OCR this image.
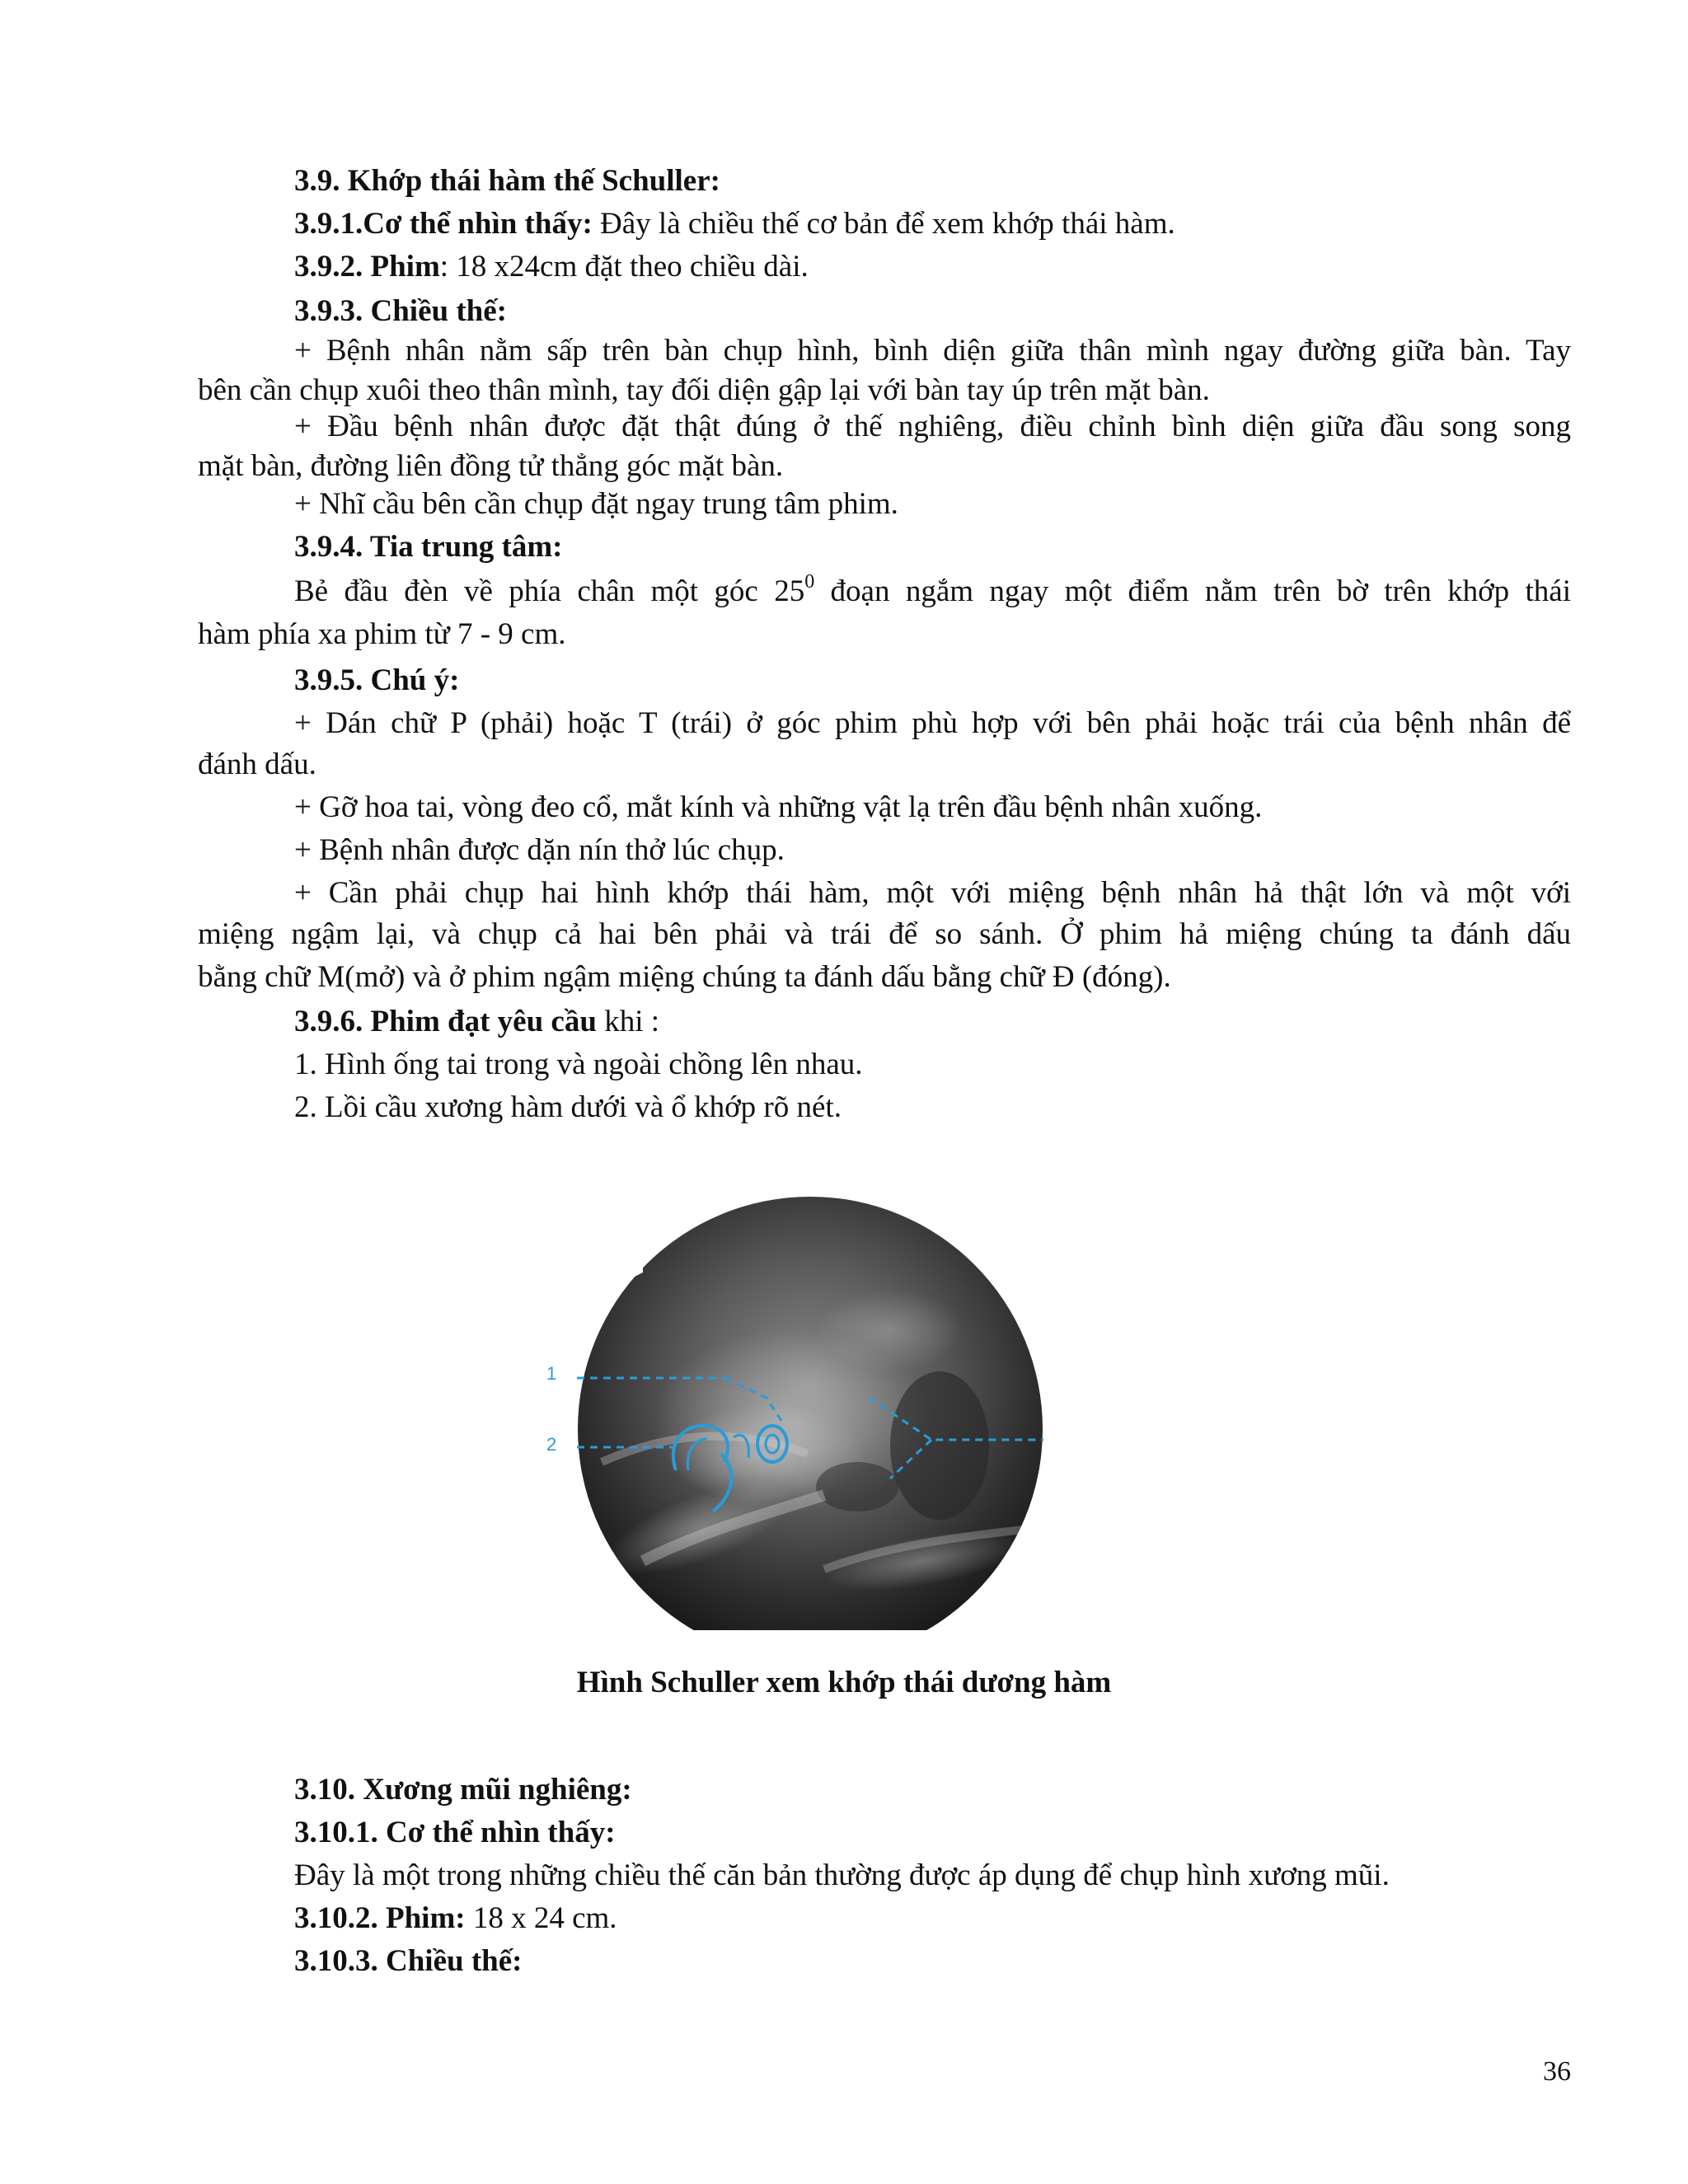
3.9. Khớp thái hàm thế Schuller:
3.9.1.Cơ thể nhìn thấy: Đây là chiều thế cơ bản để xem khớp thái hàm.
3.9.2. Phim: 18 x24cm đặt theo chiều dài.
3.9.3. Chiều thế:
+ Bệnh nhân nằm sấp trên bàn chụp hình, bình diện giữa thân mình ngay đường giữa bàn. Tay
bên cần chụp xuôi theo thân mình, tay đối diện gập lại với bàn tay úp trên mặt bàn.
+ Đầu bệnh nhân được đặt thật đúng ở thế nghiêng, điều chỉnh bình diện giữa đầu song song
mặt bàn, đường liên đồng tử thẳng góc mặt bàn.
+ Nhĩ cầu bên cần chụp đặt ngay trung tâm phim.
3.9.4. Tia trung tâm:
Bẻ đầu đèn về phía chân một góc $25^0$ đoạn ngắm ngay một điểm nằm trên bờ trên khớp thái
hàm phía xa phim từ 7 - 9 cm.
3.9.5. Chú ý:
+ Dán chữ P (phải) hoặc T (trái) ở góc phim phù hợp với bên phải hoặc trái của bệnh nhân để
đánh dấu.
+ Gỡ hoa tai, vòng đeo cổ, mắt kính và những vật lạ trên đầu bệnh nhân xuống.
+ Bệnh nhân được dặn nín thở lúc chụp.
+ Cần phải chụp hai hình khớp thái hàm, một với miệng bệnh nhân hả thật lớn và một với
miệng ngậm lại, và chụp cả hai bên phải và trái để so sánh. Ở phim hả miệng chúng ta đánh dấu
bằng chữ M(mở) và ở phim ngậm miệng chúng ta đánh dấu bằng chữ Đ (đóng).
3.9.6. Phim đạt yêu cầu khi :
1. Hình ống tai trong và ngoài chồng lên nhau.
2. Lồi cầu xương hàm dưới và ổ khớp rõ nét.
1
2
Hình Schuller xem khớp thái dương hàm
3.10. Xương mũi nghiêng:
3.10.1. Cơ thể nhìn thấy:
Đây là một trong những chiều thế căn bản thường được áp dụng để chụp hình xương mũi.
3.10.2. Phim: 18 x 24 cm.
3.10.3. Chiều thế:
36
